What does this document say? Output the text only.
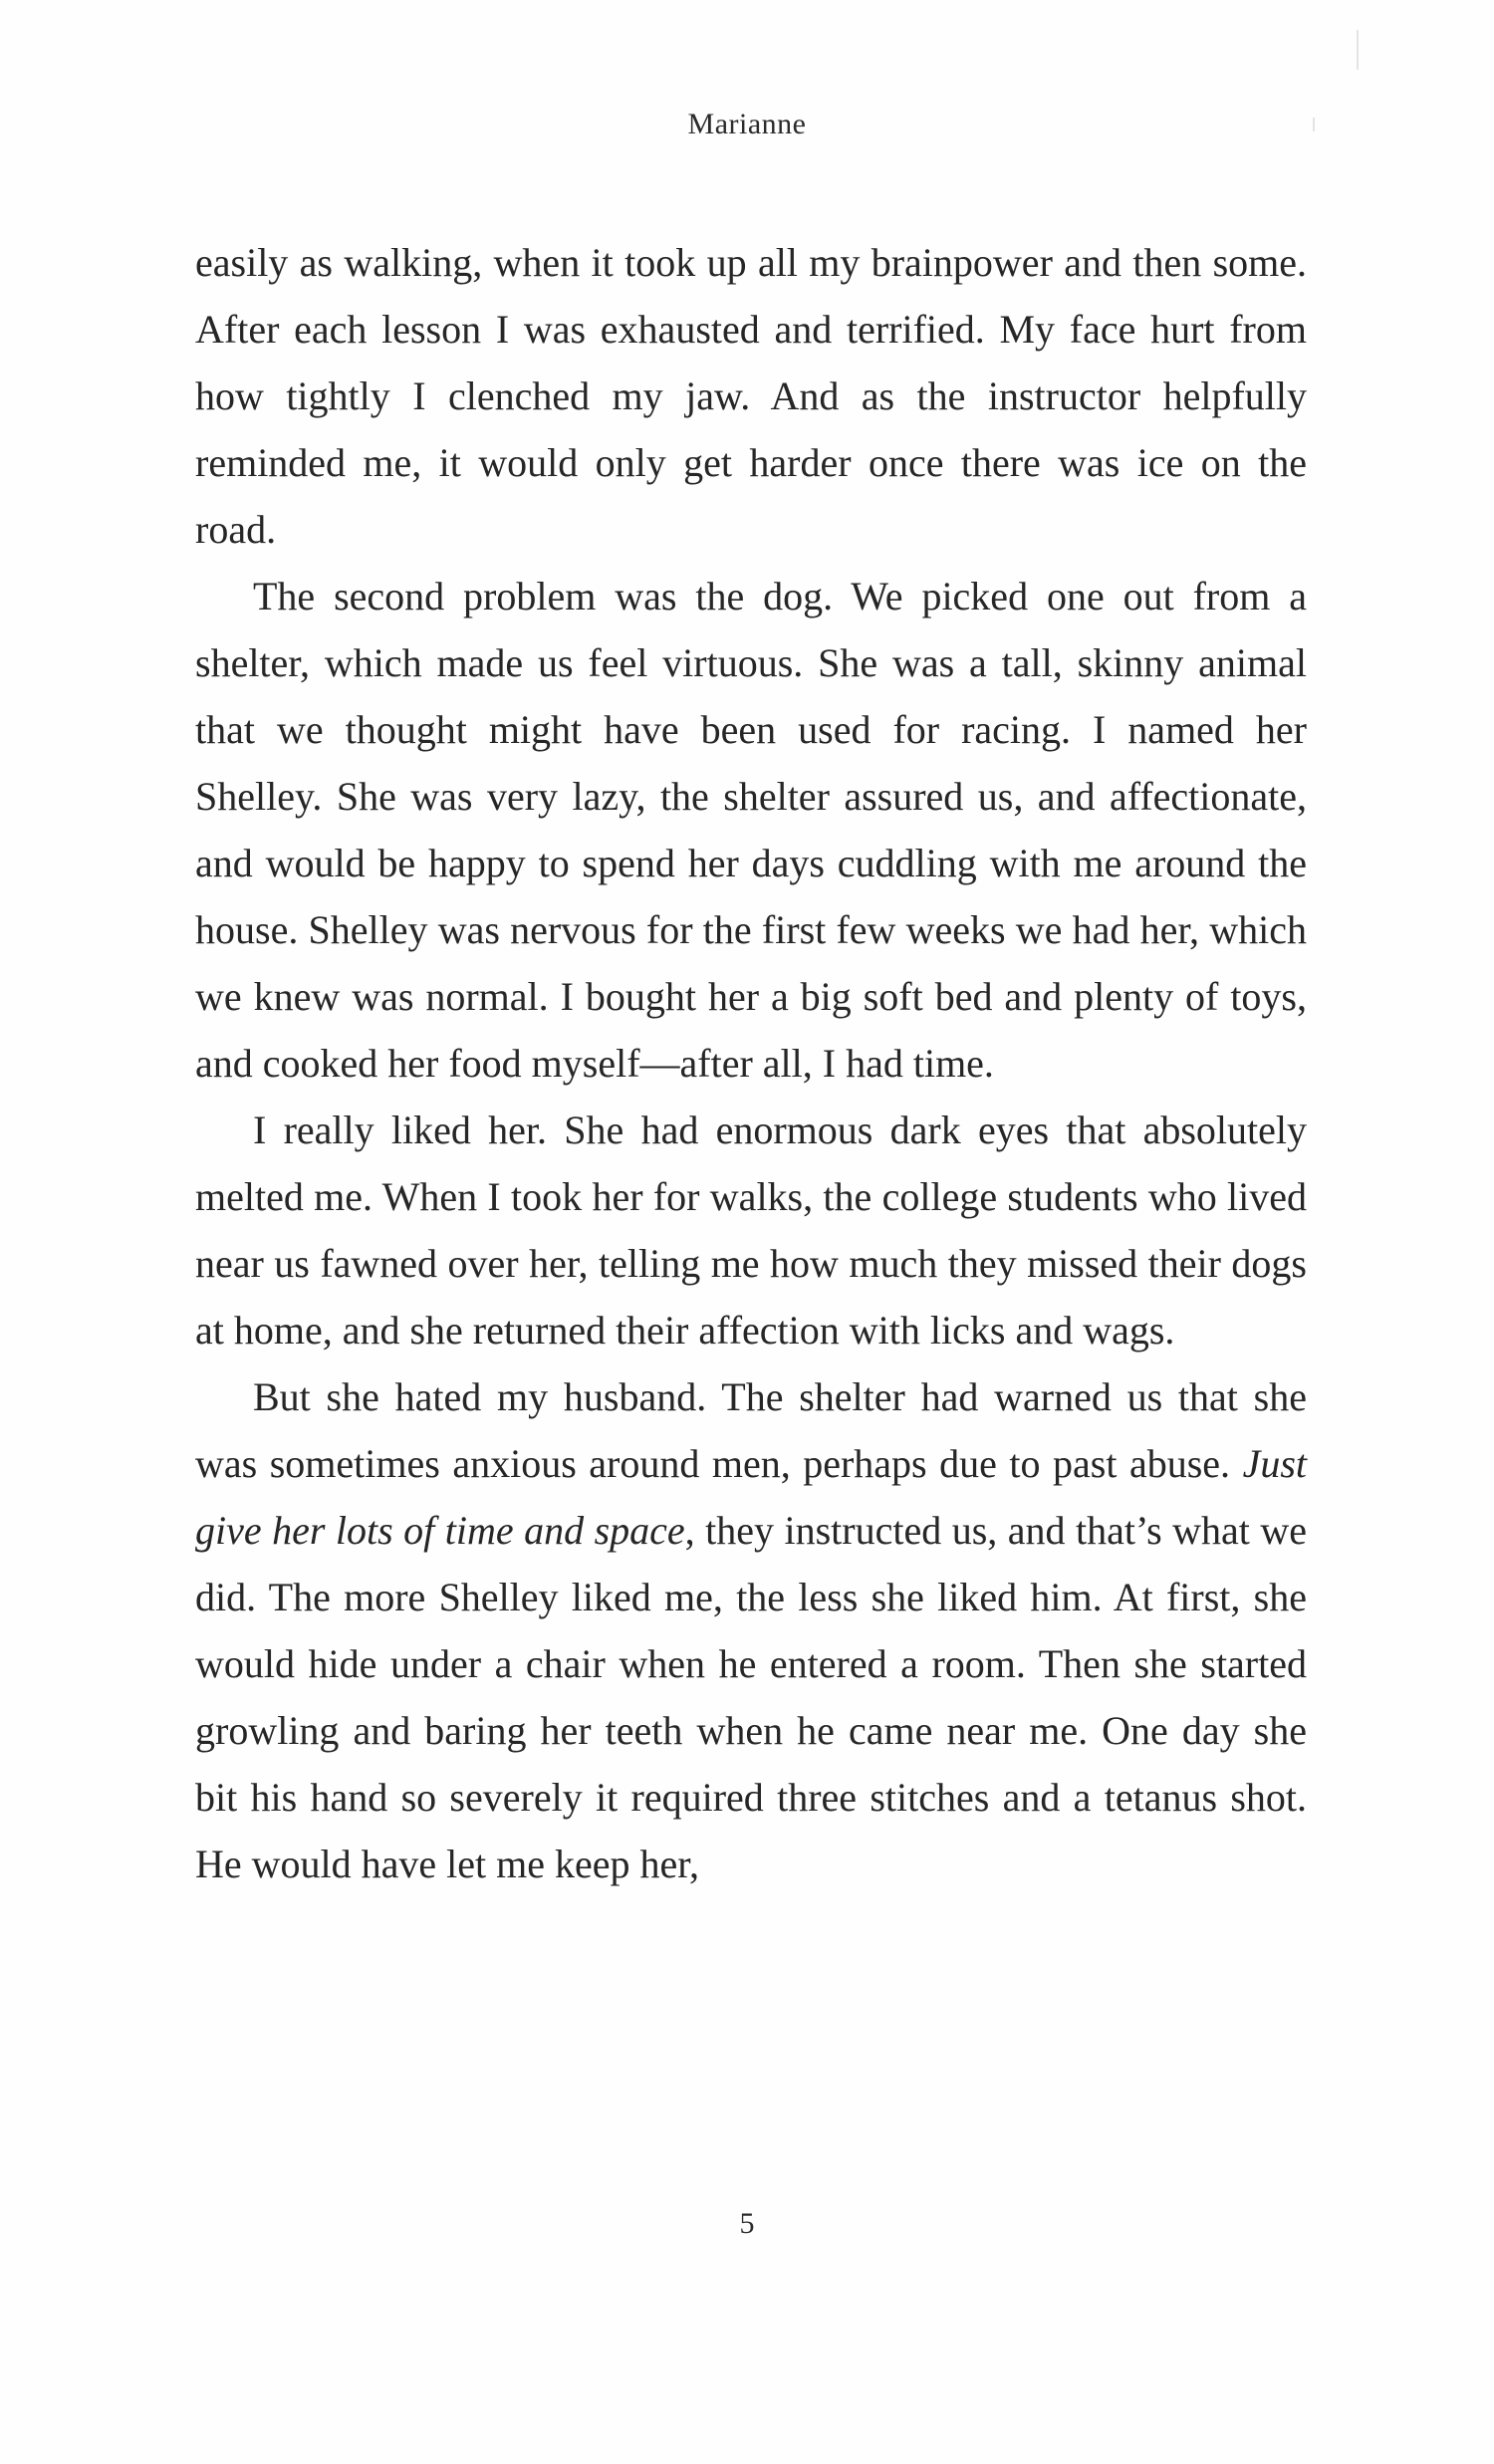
Marianne

easily as walking, when it took up all my brainpower and then some. After each lesson I was exhausted and terrified. My face hurt from how tightly I clenched my jaw. And as the instructor helpfully reminded me, it would only get harder once there was ice on the road.

The second problem was the dog. We picked one out from a shelter, which made us feel virtuous. She was a tall, skinny animal that we thought might have been used for racing. I named her Shelley. She was very lazy, the shelter assured us, and affectionate, and would be happy to spend her days cuddling with me around the house. Shelley was nervous for the first few weeks we had her, which we knew was normal. I bought her a big soft bed and plenty of toys, and cooked her food myself—after all, I had time.

I really liked her. She had enormous dark eyes that absolutely melted me. When I took her for walks, the college students who lived near us fawned over her, telling me how much they missed their dogs at home, and she returned their affection with licks and wags.

But she hated my husband. The shelter had warned us that she was sometimes anxious around men, perhaps due to past abuse. Just give her lots of time and space, they instructed us, and that’s what we did. The more Shelley liked me, the less she liked him. At first, she would hide under a chair when he entered a room. Then she started growling and baring her teeth when he came near me. One day she bit his hand so severely it required three stitches and a tetanus shot. He would have let me keep her,

5
